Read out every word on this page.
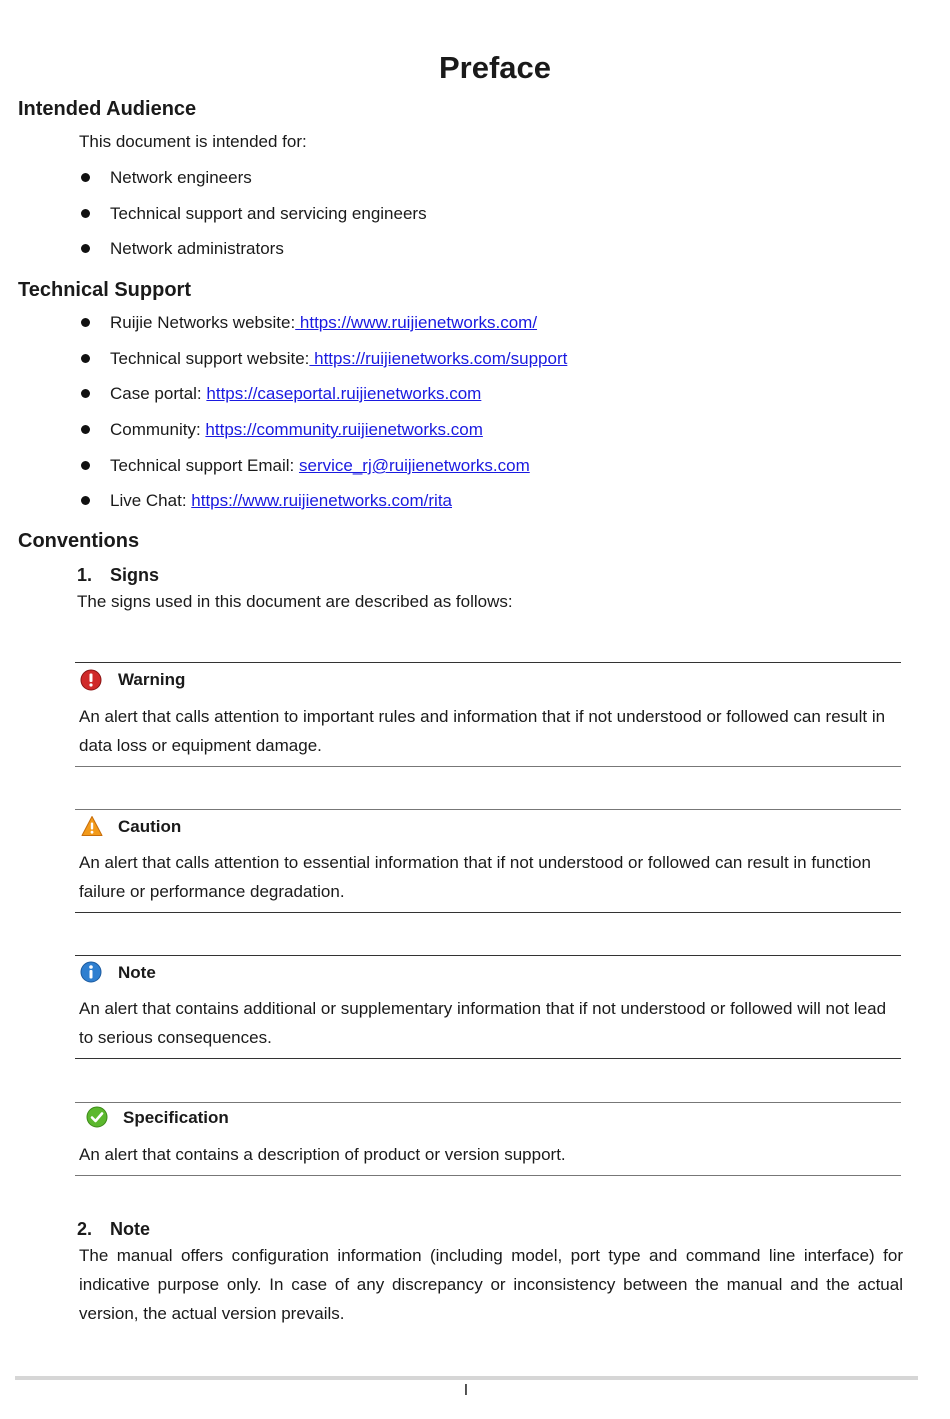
Preface
Intended Audience
This document is intended for:
Network engineers
Technical support and servicing engineers
Network administrators
Technical Support
Ruijie Networks website: https://www.ruijienetworks.com/
Technical support website: https://ruijienetworks.com/support
Case portal: https://caseportal.ruijienetworks.com
Community: https://community.ruijienetworks.com
Technical support Email: service_rj@ruijienetworks.com
Live Chat: https://www.ruijienetworks.com/rita
Conventions
1. Signs
The signs used in this document are described as follows:
Warning
An alert that calls attention to important rules and information that if not understood or followed can result in data loss or equipment damage.
Caution
An alert that calls attention to essential information that if not understood or followed can result in function failure or performance degradation.
Note
An alert that contains additional or supplementary information that if not understood or followed will not lead to serious consequences.
Specification
An alert that contains a description of product or version support.
2. Note
The manual offers configuration information (including model, port type and command line interface) for indicative purpose only. In case of any discrepancy or inconsistency between the manual and the actual version, the actual version prevails.
I
